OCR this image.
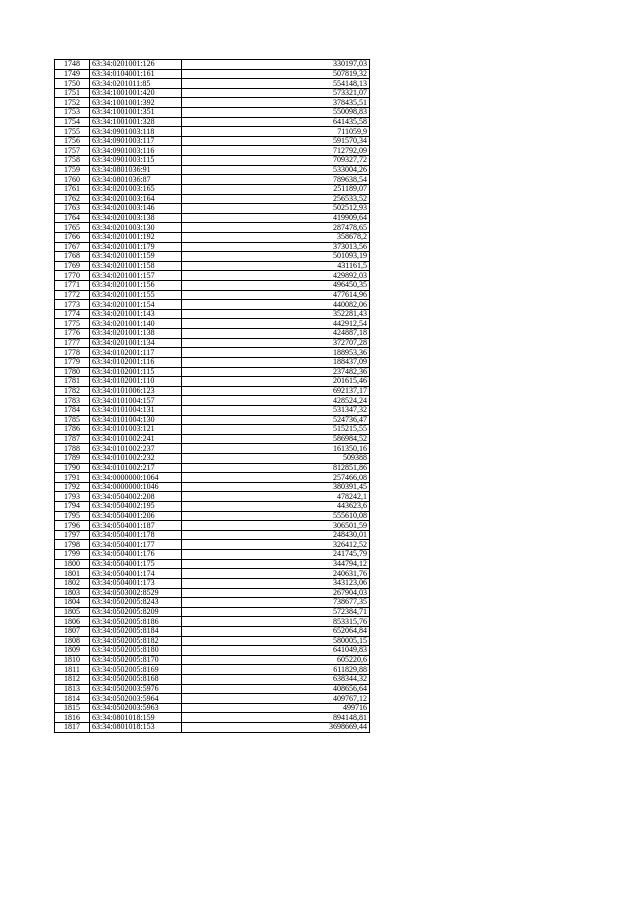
1748	63:34:0201001:126	330197,03
1749	63:34:0104001:161	507819,32
1750	63:34:0201011:85	554148,13
1751	63:34:1001001:420	573321,07
1752	63:34:1001001:392	378435,51
1753	63:34:1001001:351	550098,83
1754	63:34:1001001:328	641435,58
1755	63:34:0901003:118	711059,9
1756	63:34:0901003:117	591570,34
1757	63:34:0901003:116	712792,09
1758	63:34:0901003:115	709327,72
1759	63:34:0801036:91	533004,26
1760	63:34:0801036:87	789638,54
1761	63:34:0201003:165	251189,07
1762	63:34:0201003:164	256533,52
1763	63:34:0201003:146	502512,93
1764	63:34:0201003:138	419909,64
1765	63:34:0201003:130	287478,65
1766	63:34:0201001:192	358678,2
1767	63:34:0201001:179	373013,56
1768	63:34:0201001:159	501093,19
1769	63:34:0201001:158	431161,5
1770	63:34:0201001:157	429892,03
1771	63:34:0201001:156	496450,35
1772	63:34:0201001:155	477614,96
1773	63:34:0201001:154	440082,06
1774	63:34:0201001:143	352281,43
1775	63:34:0201001:140	442912,54
1776	63:34:0201001:138	424887,18
1777	63:34:0201001:134	372707,28
1778	63:34:0102001:117	188953,36
1779	63:34:0102001:116	188437,09
1780	63:34:0102001:115	237482,36
1781	63:34:0102001:110	201615,46
1782	63:34:0101006:123	692137,17
1783	63:34:0101004:157	428524,24
1784	63:34:0101004:131	531347,32
1785	63:34:0101004:130	524736,47
1786	63:34:0101003:121	515215,55
1787	63:34:0101002:241	586984,52
1788	63:34:0101002:237	161350,16
1789	63:34:0101002:232	509388
1790	63:34:0101002:217	812851,86
1791	63:34:0000000:1064	257466,08
1792	63:34:0000000:1046	380391,45
1793	63:34:0504002:208	478242,1
1794	63:34:0504002:195	443623,6
1795	63:34:0504001:206	555610,08
1796	63:34:0504001:187	306501,59
1797	63:34:0504001:178	248430,01
1798	63:34:0504001:177	326412,52
1799	63:34:0504001:176	241745,79
1800	63:34:0504001:175	344794,12
1801	63:34:0504001:174	240631,76
1802	63:34:0504001:173	343123,06
1803	63:34:0503002:8529	267904,03
1804	63:34:0502005:8243	738677,35
1805	63:34:0502005:8209	572384,71
1806	63:34:0502005:8186	853315,76
1807	63:34:0502005:8184	652064,84
1808	63:34:0502005:8182	580005,15
1809	63:34:0502005:8180	641049,83
1810	63:34:0502005:8170	605220,6
1811	63:34:0502005:8169	611829,88
1812	63:34:0502005:8168	638344,32
1813	63:34:0502003:5976	408656,64
1814	63:34:0502003:5964	409767,12
1815	63:34:0502003:5963	499716
1816	63:34:0801018:159	894148,81
1817	63:34:0801018:153	3698669,44
